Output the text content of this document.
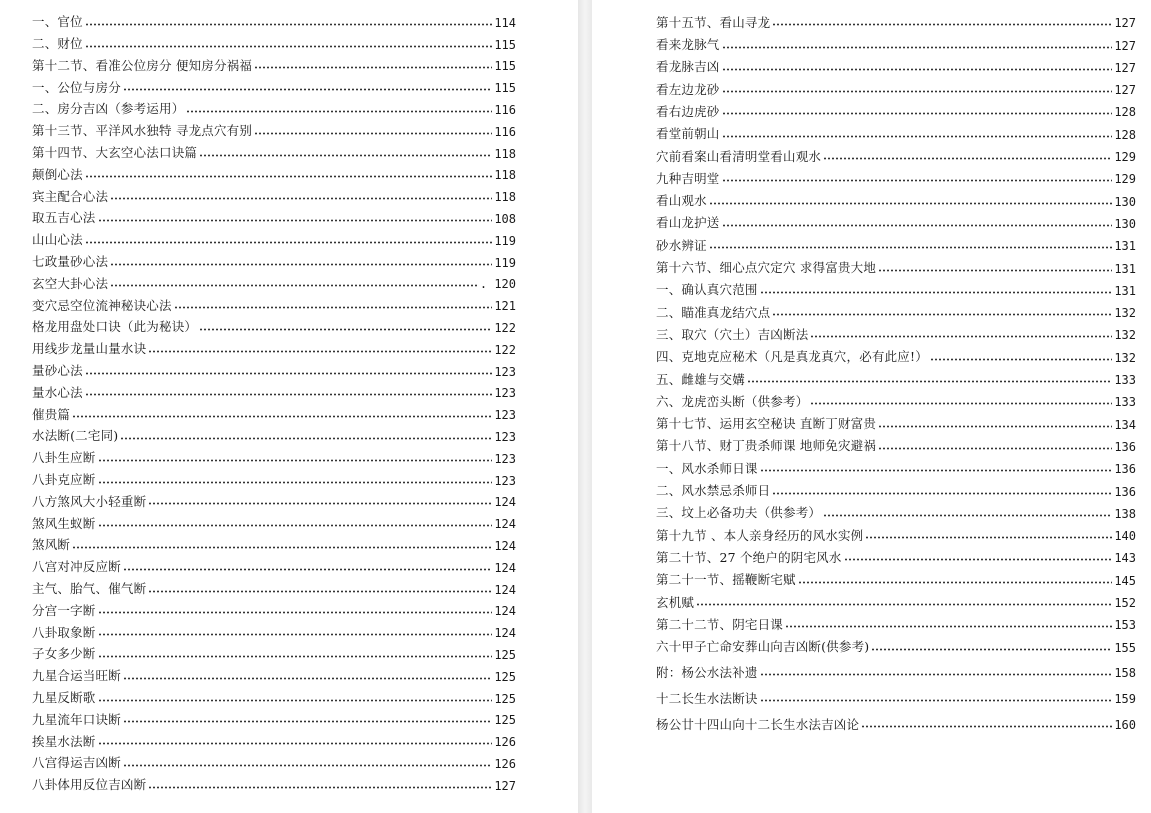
一、官位	114
二、财位	115
第十二节、看准公位房分 便知房分祸福	115
一、公位与房分	115
二、房分吉凶（参考运用）	116
第十三节、平洋风水独特 寻龙点穴有别	116
第十四节、大玄空心法口诀篇	118
颠倒心法	118
宾主配合心法	118
取五吉心法	108
山山心法	119
七政量砂心法	119
玄空大卦心法	. 120
变穴忌空位流神秘诀心法	121
格龙用盘处口诀（此为秘诀）	122
用线步龙量山量水诀	122
量砂心法	123
量水心法	123
催贵篇	123
水法断(二宅同)	123
八卦生应断	123
八卦克应断	123
八方煞风大小轻重断	124
煞风生蚁断	124
煞风断	124
八宫对冲反应断	124
主气、胎气、催气断	124
分宫一字断	124
八卦取象断	124
子女多少断	125
九星合运当旺断	125
九星反断歌	125
九星流年口诀断	125
挨星水法断	126
八宫得运吉凶断	126
八卦体用反位吉凶断	127
第十五节、看山寻龙	127
看来龙脉气	127
看龙脉吉凶	127
看左边龙砂	127
看右边虎砂	128
看堂前朝山	128
穴前看案山看清明堂看山观水	129
九种吉明堂	129
看山观水	130
看山龙护送	130
砂水辨证	131
第十六节、细心点穴定穴 求得富贵大地	131
一、确认真穴范围	131
二、瞄准真龙结穴点	132
三、取穴（穴土）吉凶断法	132
四、克地克应秘术（凡是真龙真穴，必有此应!）	132
五、雌雄与交媾	133
六、龙虎峦头断（供参考）	133
第十七节、运用玄空秘诀 直断丁财富贵	134
第十八节、财丁贵杀师课 地师免灾避祸	136
一、风水杀师日课	136
二、风水禁忌杀师日	136
三、坟上必备功夫（供参考）	138
第十九节 、本人亲身经历的风水实例	140
第二十节、27 个绝户的阴宅风水	143
第二十一节、摇鞭断宅赋	145
玄机赋	152
第二十二节、阴宅日课	153
六十甲子亡命安葬山向吉凶断(供参考)	155
附：杨公水法补遗	158
十二长生水法断诀	159
杨公廿十四山向十二长生水法吉凶论	160
